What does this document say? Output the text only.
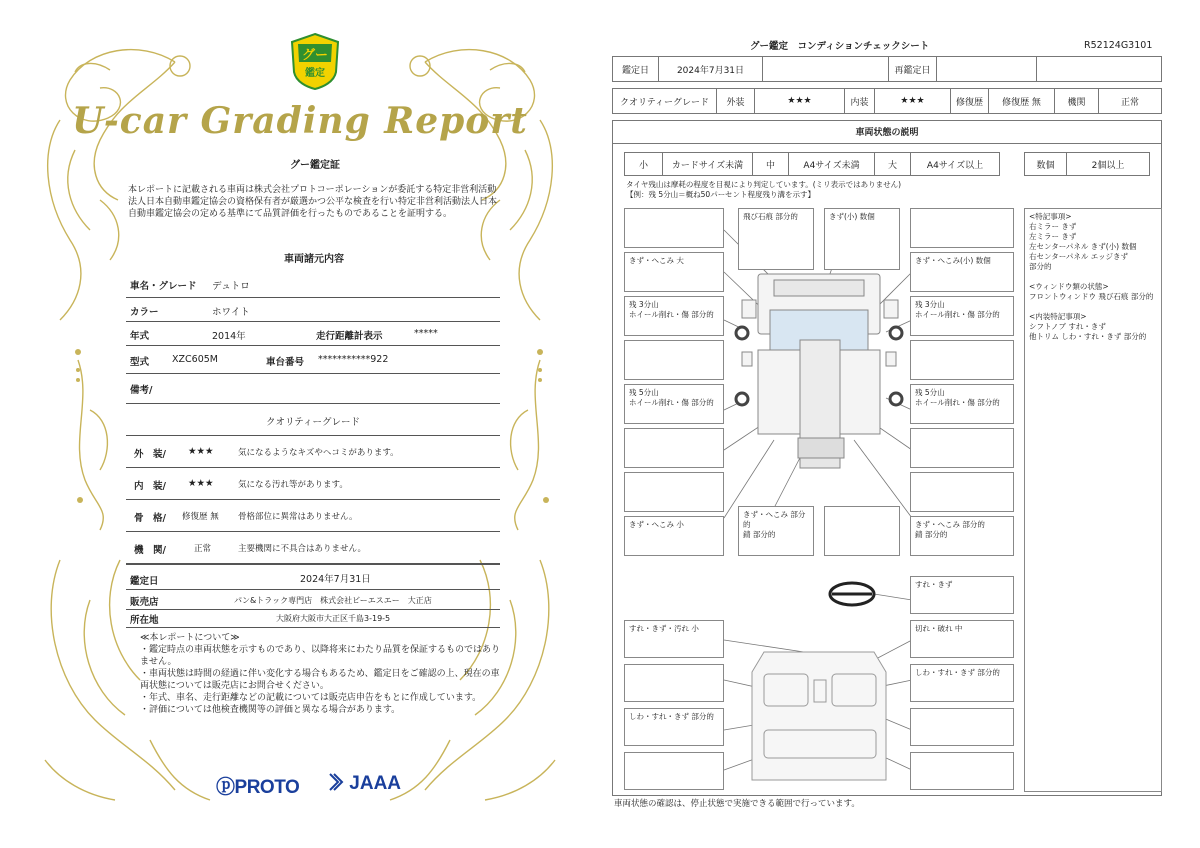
グー
鑑定
U-car Grading Report
グー鑑定証
本レポートに記載される車両は株式会社プロトコーポレーションが委託する特定非営利活動法人日本自動車鑑定協会の資格保有者が厳選かつ公平な検査を行い特定非営利活動法人日本自動車鑑定協会の定める基準にて品質評価を行ったものであることを証明する。
車両諸元内容
車名・グレード デュトロ
カラー	ホワイト
年式	2014年	走行距離計表示	*****
型式 XZC605M	車台番号 ***********922
備考/
クオリティーグレード
外　装/ ★★★	気になるようなキズやヘコミがあります。
内　装/ ★★★	気になる汚れ等があります。
骨　格/ 修復歴 無 骨格部位に異常はありません。
機　関/	正常	主要機関に不具合はありません。
鑑定日	2024年7月31日
販売店	パン&トラック専門店　株式会社ビーエスエー　大正店
所在地	大阪府大阪市大正区千島3-19-5
≪本レポートについて≫
・鑑定時点の車両状態を示すものであり、以降将来にわたり品質を保証するものではありません。
・車両状態は時間の経過に伴い変化する場合もあるため、鑑定日をご確認の上、現在の車両状態については販売店にお問合せください。
・年式、車名、走行距離などの記載については販売店申告をもとに作成しています。
・評価については他検査機関等の評価と異なる場合があります。
ⓟPROTO	JAAA
グー鑑定　コンディションチェックシート	R52124G3101
鑑定日	2024年7月31日	再鑑定日
クオリティーグレード	外装	★★★	内装	★★★	修復歴	修復歴 無	機関	正常
車両状態の説明
小	カードサイズ未満	中	A4サイズ未満	大	A4サイズ以上	数個	2個以上
タイヤ残山は摩耗の程度を目視により判定しています。(ミリ表示ではありません)
【例：残 5分山＝概ね50パーセント程度残り溝を示す】
飛び石痕 部分的	きず(小) 数個
きず・へこみ 大	きず・へこみ(小) 数個
残 3分山
ホイール削れ・傷 部分的
残 3分山
ホイール削れ・傷 部分的
残 5分山
ホイール削れ・傷 部分的
残 5分山
ホイール削れ・傷 部分的
きず・へこみ 小
きず・へこみ 部分的
錆 部分的
きず・へこみ 部分的
錆 部分的
すれ・きず
すれ・きず・汚れ 小	切れ・破れ 中
しわ・すれ・きず 部分的
しわ・すれ・きず 部分的
<特記事項>
右ミラー きず
左ミラー きず
左センターパネル きず(小) 数個
右センターパネル エッジきず
部分的
<ウィンドウ類の状態>
フロントウィンドウ 飛び石痕 部分的
<内装特記事項>
シフトノブ すれ・きず
他トリム しわ・すれ・きず 部分的
車両状態の確認は、停止状態で実施できる範囲で行っています。
